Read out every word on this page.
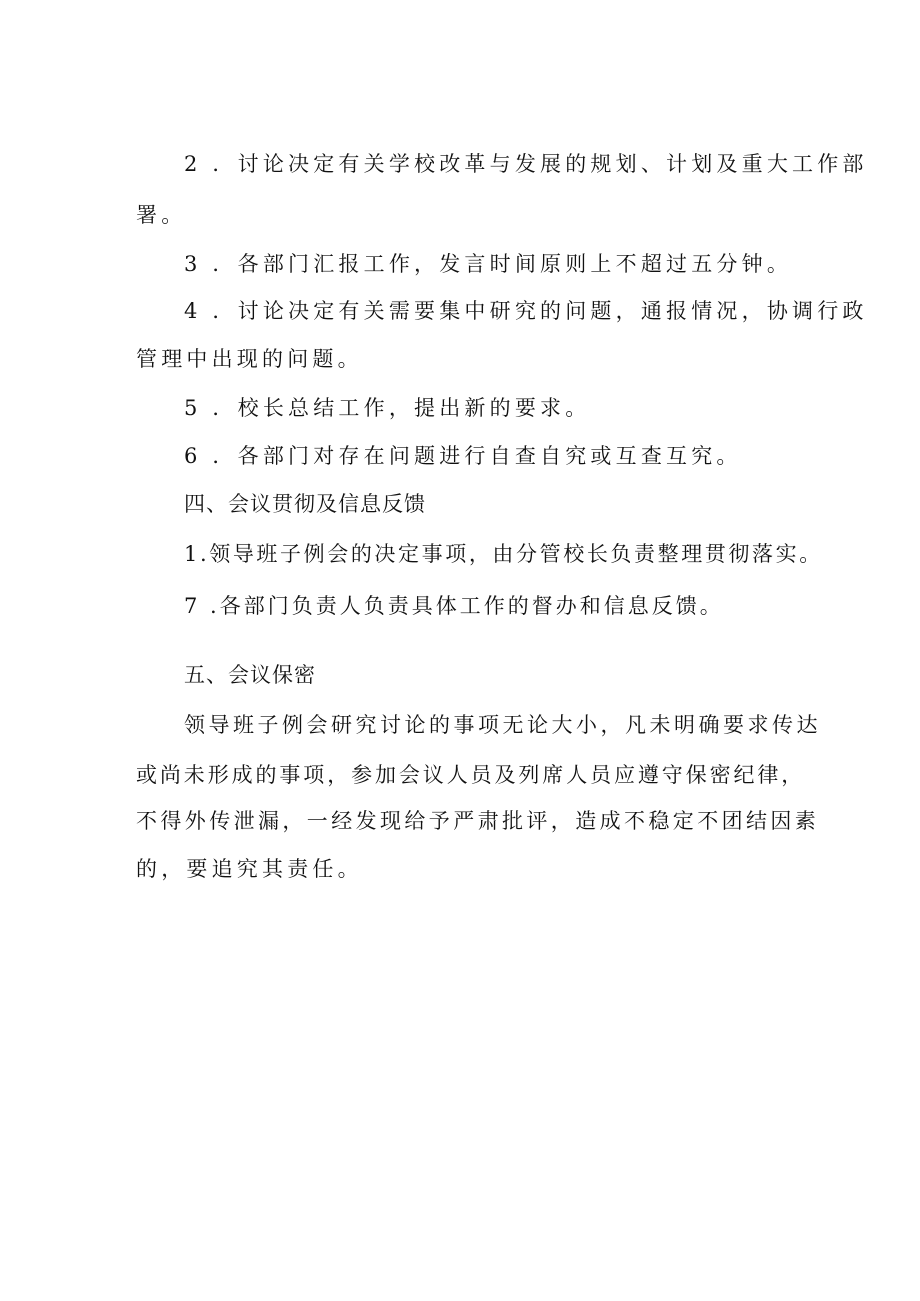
2 ．讨论决定有关学校改革与发展的规划、计划及重大工作部
署。
3 ．各部门汇报工作，发言时间原则上不超过五分钟。
4 ．讨论决定有关需要集中研究的问题，通报情况，协调行政
管理中出现的问题。
5 ．校长总结工作，提出新的要求。
6 ．各部门对存在问题进行自查自究或互查互究。
四、会议贯彻及信息反馈
1.领导班子例会的决定事项，由分管校长负责整理贯彻落实。
7 .各部门负责人负责具体工作的督办和信息反馈。
五、会议保密
领导班子例会研究讨论的事项无论大小，凡未明确要求传达
或尚未形成的事项，参加会议人员及列席人员应遵守保密纪律，
不得外传泄漏，一经发现给予严肃批评，造成不稳定不团结因素
的，要追究其责任。
